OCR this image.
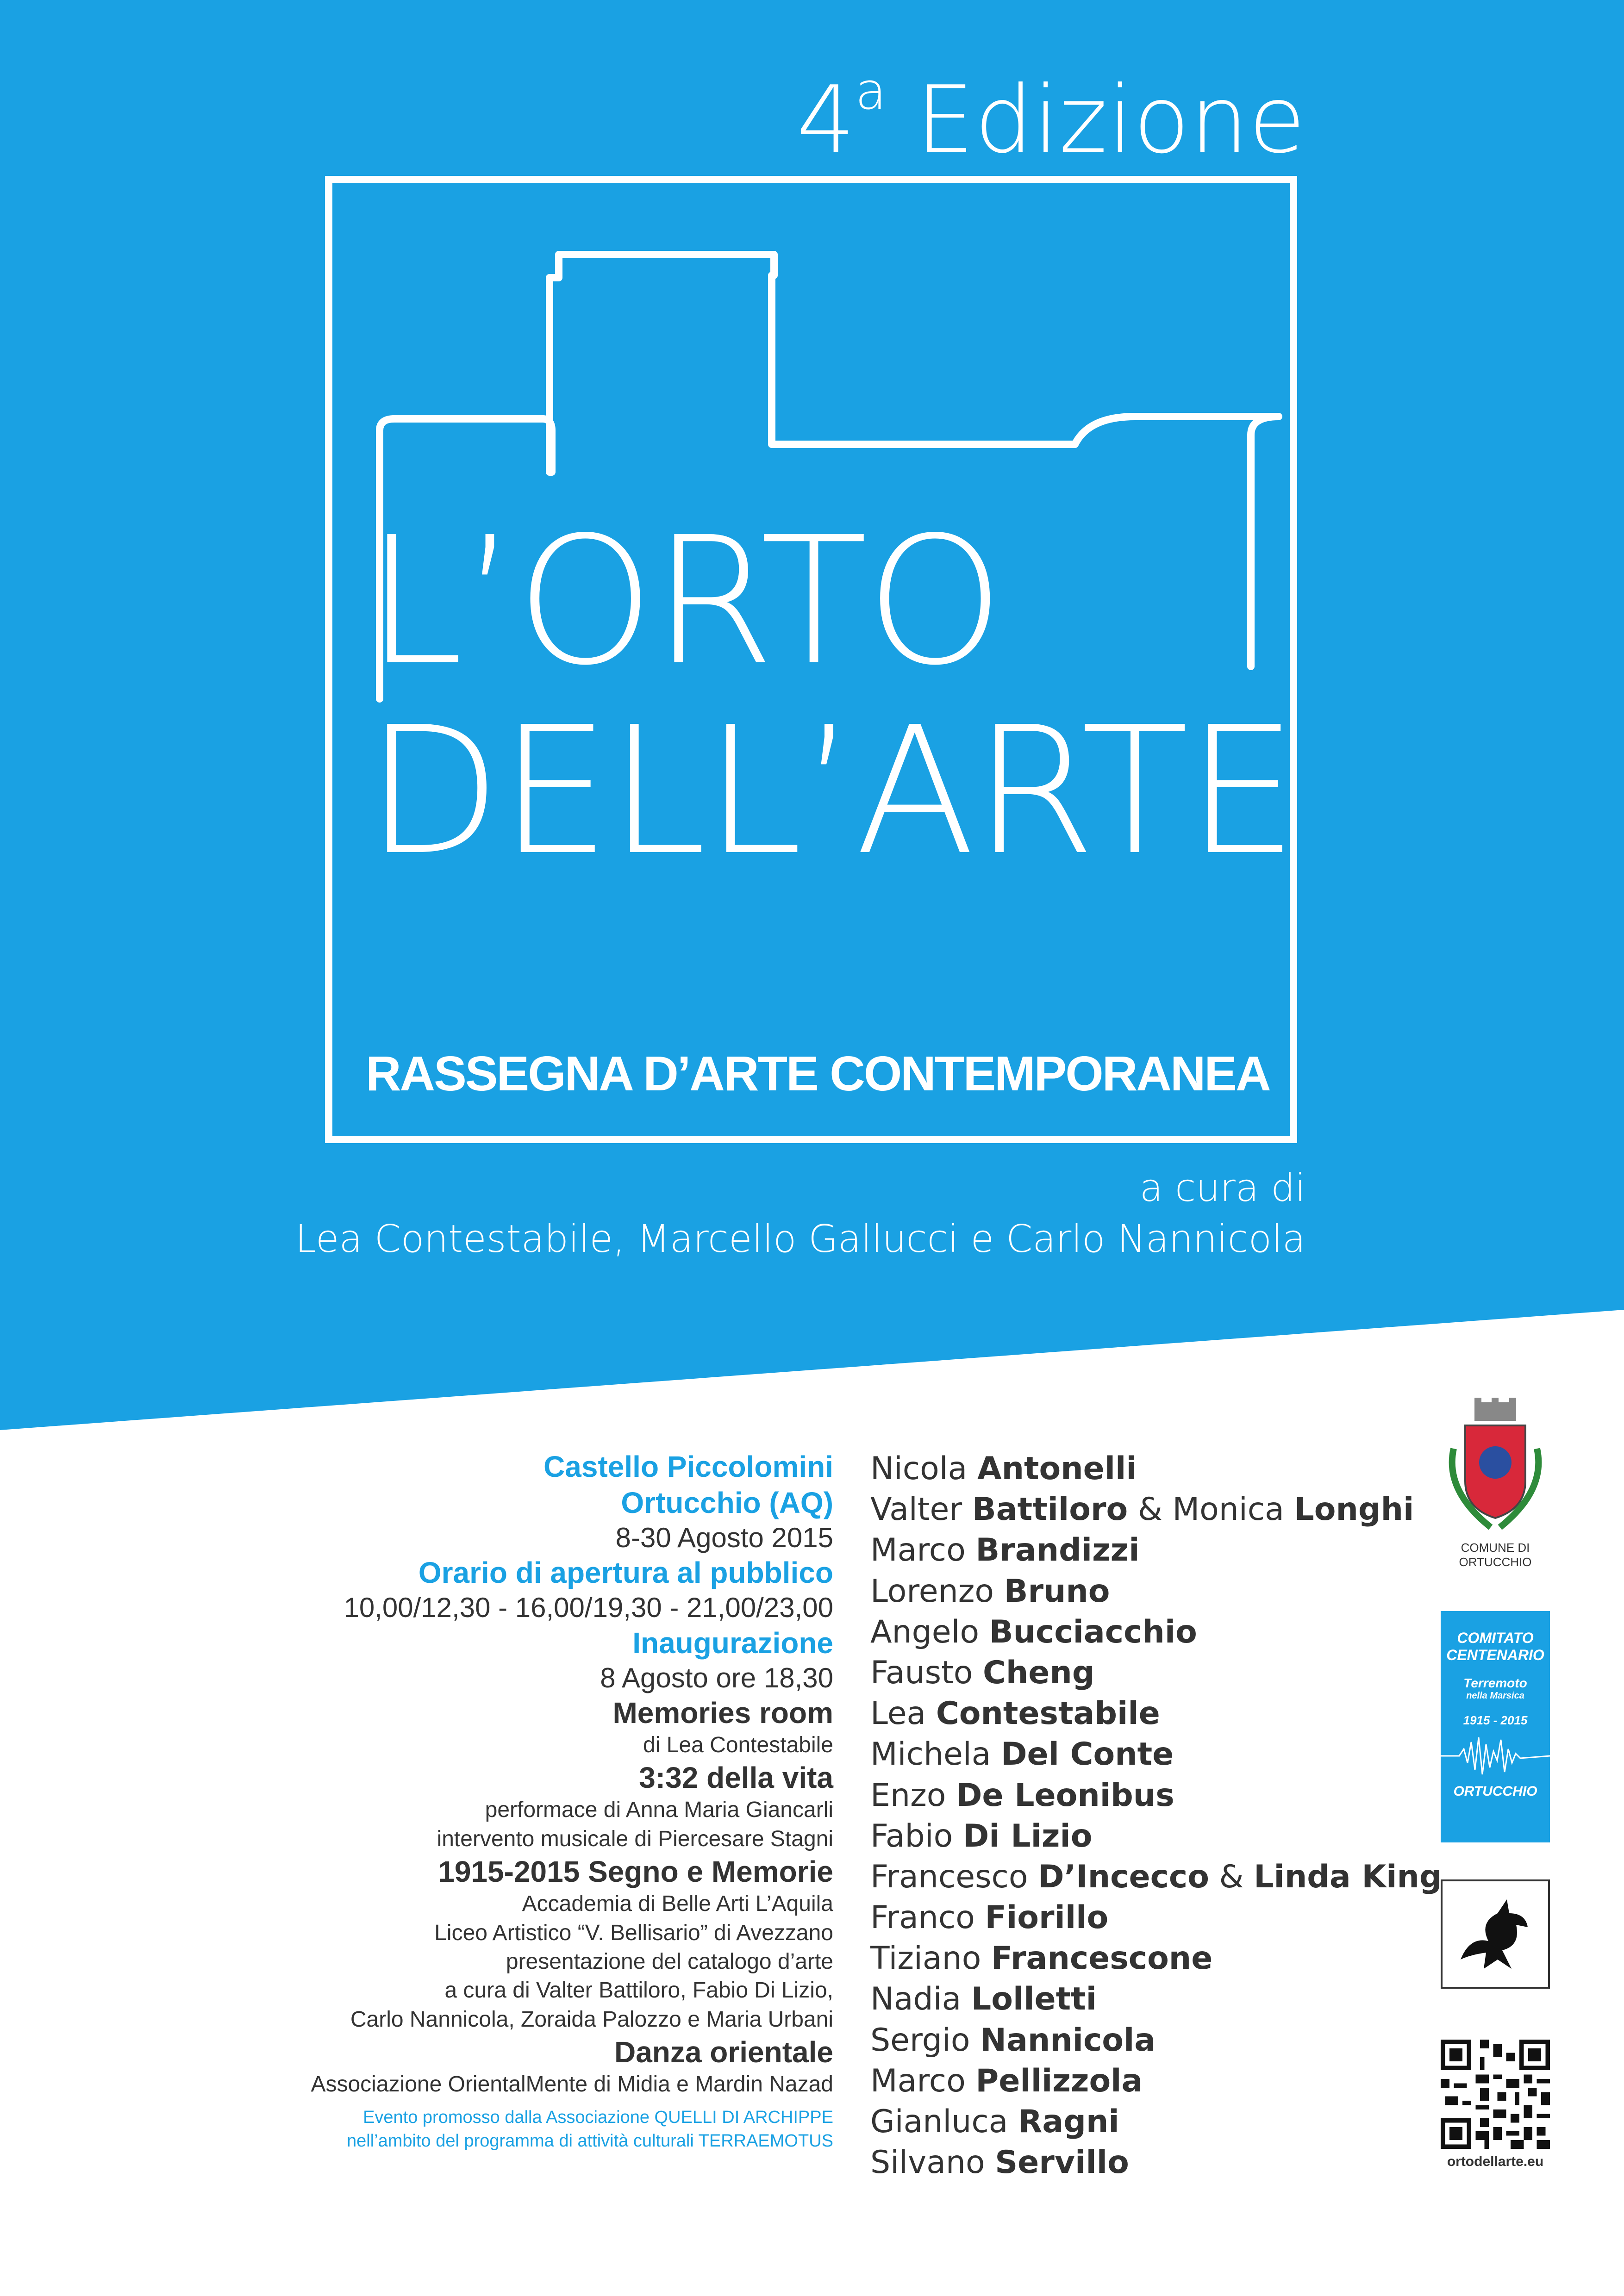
4$^a$ Edizione
L’ORTO
DELL’ARTE
RASSEGNA D’ARTE CONTEMPORANEA
a cura di
Lea Contestabile, Marcello Gallucci e Carlo Nannicola
Castello Piccolomini
Ortucchio (AQ)
8-30 Agosto 2015
Orario di apertura al pubblico
10,00/12,30 - 16,00/19,30 - 21,00/23,00
Inaugurazione
8 Agosto ore 18,30
Memories room
di Lea Contestabile
3:32 della vita
performace di Anna Maria Giancarli
intervento musicale di Piercesare Stagni
1915-2015 Segno e Memorie
Accademia di Belle Arti L’Aquila
Liceo Artistico “V. Bellisario” di Avezzano
presentazione del catalogo d’arte
a cura di Valter Battiloro, Fabio Di Lizio,
Carlo Nannicola, Zoraida Palozzo e Maria Urbani
Danza orientale
Associazione OrientalMente di Midia e Mardin Nazad
Evento promosso dalla Associazione QUELLI DI ARCHIPPE
nell’ambito del programma di attività culturali TERRAEMOTUS
Nicola Antonelli
Valter Battiloro & Monica Longhi
Marco Brandizzi
Lorenzo Bruno
Angelo Bucciacchio
Fausto Cheng
Lea Contestabile
Michela Del Conte
Enzo De Leonibus
Fabio Di Lizio
Francesco D’Incecco & Linda King
Franco Fiorillo
Tiziano Francescone
Nadia Lolletti
Sergio Nannicola
Marco Pellizzola
Gianluca Ragni
Silvano Servillo
COMUNE DI
ORTUCCHIO
COMITATO
CENTENARIO
Terremoto
nella Marsica
1915 - 2015
ORTUCCHIO
ortodellarte.eu
